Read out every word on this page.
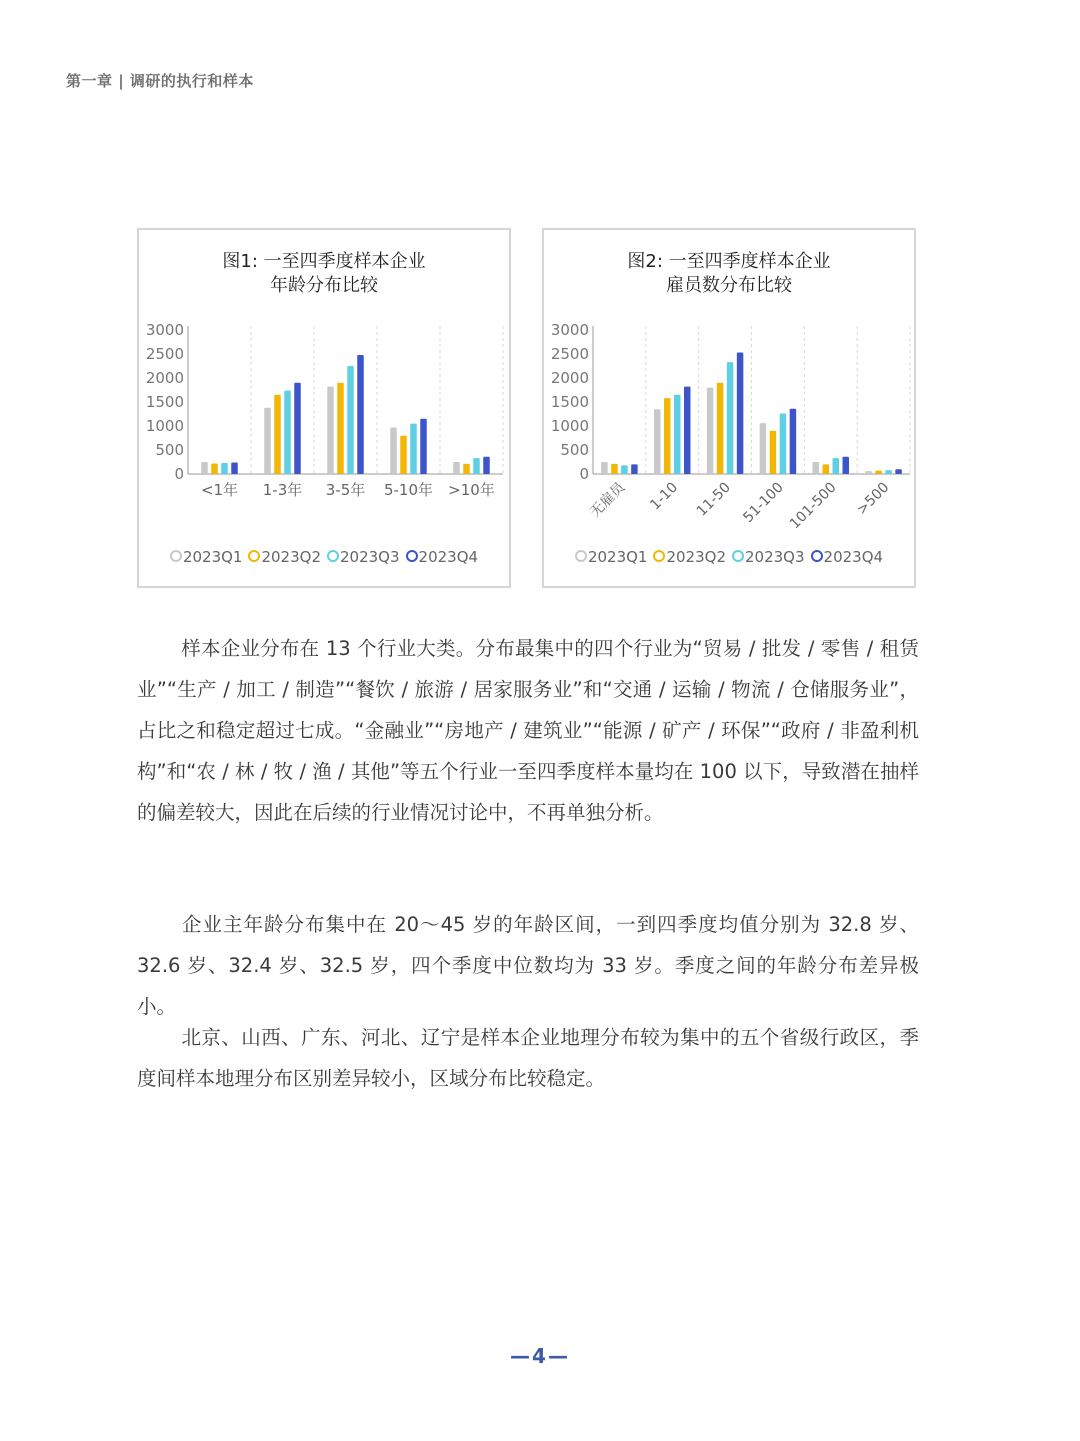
第一章 | 调研的执行和样本
图1: 一至四季度样本企业
年龄分布比较
0
500
1000
1500
2000
2500
3000
<1年 1-3年 3-5年 5-10年 >10年
2023Q1 2023Q2 2023Q3 2023Q4
图2: 一至四季度样本企业
雇员数分布比较
0
500
1000
1500
2000
2500
3000
无雇员 1-10 11-50 51-100 101-500 >500
2023Q1 2023Q2 2023Q3 2023Q4

样本企业分布在 13 个行业大类。分布最集中的四个行业为“贸易 / 批发 / 零售 / 租赁业”“生产 / 加工 / 制造”“餐饮 / 旅游 / 居家服务业”和“交通 / 运输 / 物流 / 仓储服务业”，占比之和稳定超过七成。“金融业”“房地产 / 建筑业”“能源 / 矿产 / 环保”“政府 / 非盈利机构”和“农 / 林 / 牧 / 渔 / 其他”等五个行业一至四季度样本量均在 100 以下，导致潜在抽样的偏差较大，因此在后续的行业情况讨论中，不再单独分析。

企业主年龄分布集中在 20～45 岁的年龄区间，一到四季度均值分别为 32.8 岁、32.6 岁、32.4 岁、32.5 岁，四个季度中位数均为 33 岁。季度之间的年龄分布差异极小。

北京、山西、广东、河北、辽宁是样本企业地理分布较为集中的五个省级行政区，季度间样本地理分布区别差异较小，区域分布比较稳定。

—4—
